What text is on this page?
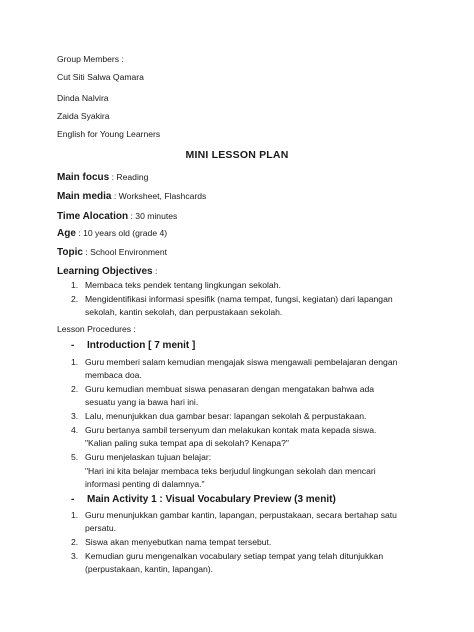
Group Members :
Cut Siti Salwa Qamara
Dinda Nalvira
Zaida Syakira
English for Young Learners
MINI LESSON PLAN
Main focus : Reading
Main media : Worksheet, Flashcards
Time Alocation : 30 minutes
Age : 10 years old (grade 4)
Topic : School Environment
Learning Objectives :
1. Membaca teks pendek tentang lingkungan sekolah.
2. Mengidentifikasi informasi spesifik (nama tempat, fungsi, kegiatan) dari lapangan sekolah, kantin sekolah, dan perpustakaan sekolah.
Lesson Procedures :
- Introduction [ 7 menit ]
1. Guru memberi salam kemudian mengajak siswa mengawali pembelajaran dengan membaca doa.
2. Guru kemudian membuat siswa penasaran dengan mengatakan bahwa ada sesuatu yang ia bawa hari ini.
3. Lalu, menunjukkan dua gambar besar: lapangan sekolah & perpustakaan.
4. Guru bertanya sambil tersenyum dan melakukan kontak mata kepada siswa.
"Kalian paling suka tempat apa di sekolah? Kenapa?"
5. Guru menjelaskan tujuan belajar:
"Hari ini kita belajar membaca teks berjudul lingkungan sekolah dan mencari informasi penting di dalamnya."
- Main Activity 1 : Visual Vocabulary Preview (3 menit)
1. Guru menunjukkan gambar kantin, lapangan, perpustakaan, secara bertahap satu persatu.
2. Siswa akan menyebutkan nama tempat tersebut.
3. Kemudian guru mengenalkan vocabulary setiap tempat yang telah ditunjukkan (perpustakaan, kantin, lapangan).
